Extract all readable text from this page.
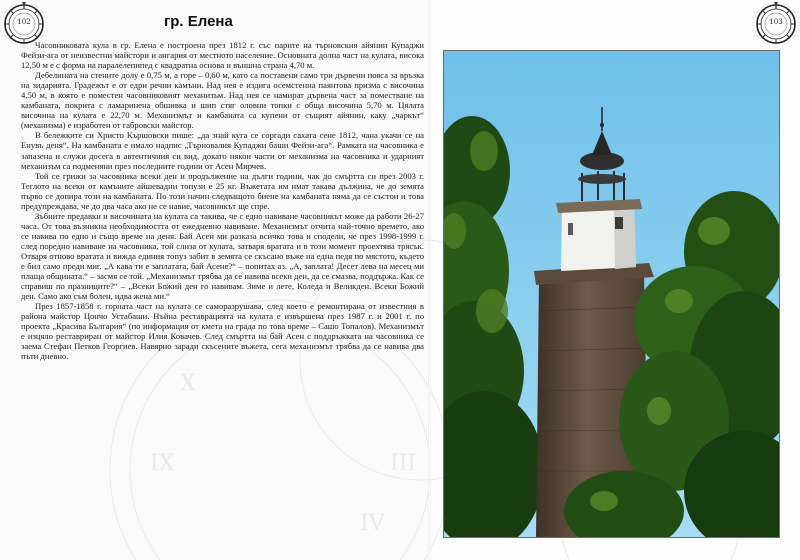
IX
X
III
IV
102	гр. Елена

Часовниковата кула в гр. Елена е построена през 1812 г. със парите на търновския айянин Купаджи Фейзи-ага от неизвестни майстори и ангария от местното население. Основната долна част на кулата, висока 12,50 м е с форма на паралелепипед с квадратна основа и външна страна 4,70 м.

Дебелината на стените долу е 0,75 м, а горе – 0,60 м, като са поставени само три дървени пояса за връзка на зидарията. Градежът е от едри речни камъни. Над нея е издига осемстенна паянтова призма с височина 4,50 м, в която е поместен часовниковият механизъм. Над нея се намират дървена част за поместване на камбаната, покрита с ламаринена обшивка и шип стяг оловни топки с обща височина 5,70 м. Цялата височина на кулата е 22,70 м. Механизмът и камбаната са купени от същият айянин, каку „чаркът“ (механизма) е изработен от габровски майстор.

В бележките си Христо Кършовски пише: „да знай куга се соргади сахатa сене 1812, чана укачи се на Енувъ деня“. На камбаната е имало надпис „Търновалия Купаджи баши Фейзи-ага“. Рамката на часовника е запазена и служи досега в автентичния си вид, докато някои части от механизма на часовника и ударният механизъм са подменяни през последните години от Асен Мирчев.

Той се грижи за часовника всеки ден и продължение на дълги години, чак до смъртта си през 2003 г. Теглото на всеки от камъните айшевадни топузи е 25 кг. Въжетата им имат такава дължина, че до земята първо се допира този на камбаната. По този начин следващото биене на камбаната няма да се състои и това предупреждава, че до два часа ако не се навие, часовникът ще спре.

Зъбните предавки и височината на кулата са такива, че с едно навиване часовникът може да работи 26-27 часа. От това възникна необходимостта от ежедневно навиване. Механизмът отчита най-точно времето, ако се навива по едно и също време на деня. Бай Асен ми разказа всичко това и сподели, че през 1998-1999 г. след поредно навиване на часовника, той слиза от кулата, затваря вратата и в този момент проехтява трясък. Отваря отново вратата и вижда единия топуз забит в земята се скъсано въже на една педя по мястото, където е бил само преди миг. „А кава ти е заплатата, бай Асене?“ – попитах аз. „А, заплата! Десет лева на месец ми плаща общината.“ – засмя се той. „Механизмът трябва да се навива всеки ден, да се смазва, поддържа. Как се справиш по празниците?“ – „Всеки Божий ден го навивам. Зиме и лете, Коледа и Великден. Всеки Божий ден. Само ако съм болен, идва жена ми.“

През 1857-1858 г. горната част на кулата се саморазрушава, след което е ремонтирана от известния в района майстор Цончо Устабаши. Нъйна реставрацията на кулата е извършена през 1987 г. и 2001 г. по проекта „Красива България“ (по информация от кмета на града по това време – Сашо Топалов). Механизмът е изцяло реставриран от майстор Илия Ковачев. След смъртта на бай Асен с поддръжката на часовника се зaема Стефан Петков Георгиев. Навярно заради скъсените въжета, сега механизмът трябва да се навива два пъти дневно.

103
